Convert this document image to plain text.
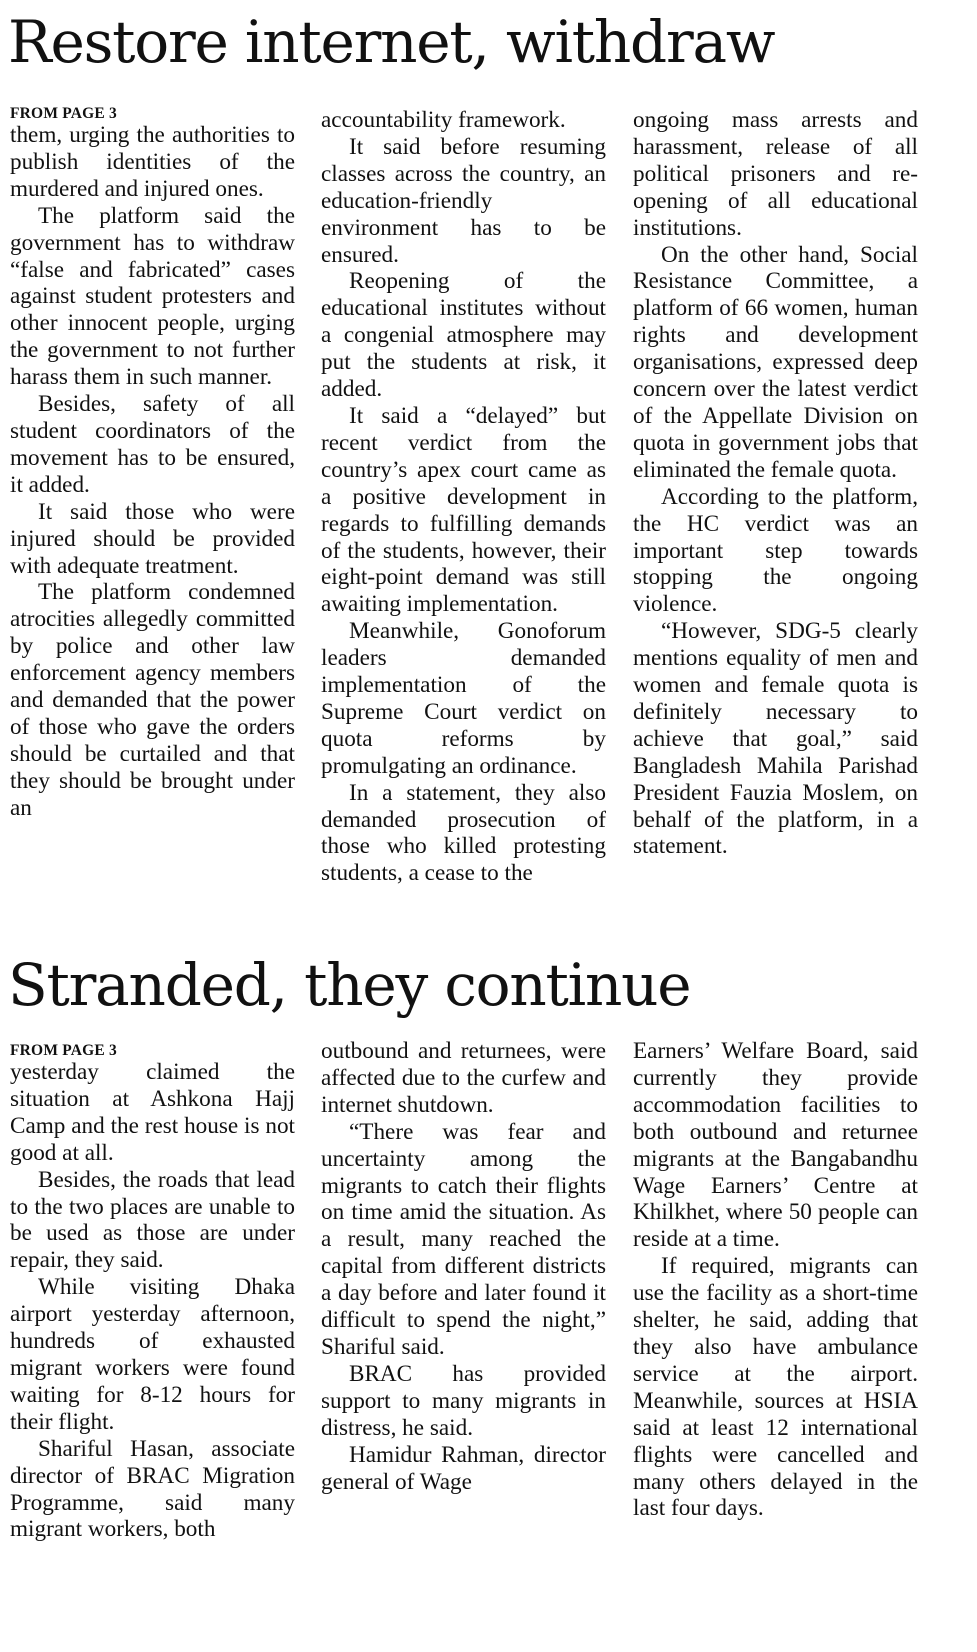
Restore internet, withdraw
FROM PAGE 3

them, urging the authorities to publish identities of the murdered and injured ones.

The platform said the government has to withdraw “false and fabricated” cases against student protesters and other innocent people, urging the government to not further harass them in such manner.

Besides, safety of all student coordinators of the movement has to be ensured, it added.

It said those who were injured should be provided with adequate treatment.

The platform condemned atrocities allegedly committed by police and other law enforcement agency members and demanded that the power of those who gave the orders should be curtailed and that they should be brought under an

accountability framework.

It said before resuming classes across the country, an education-friendly environment has to be ensured.

Reopening of the educational institutes without a congenial atmosphere may put the students at risk, it added.

It said a “delayed” but recent verdict from the country’s apex court came as a positive development in regards to fulfilling demands of the students, however, their eight-point demand was still awaiting implementation.

Meanwhile, Gonoforum leaders demanded implementation of the Supreme Court verdict on quota reforms by promulgating an ordinance.

In a statement, they also demanded prosecution of those who killed protesting students, a cease to the

ongoing mass arrests and harassment, release of all political prisoners and re-opening of all educational institutions.

On the other hand, Social Resistance Committee, a platform of 66 women, human rights and development organisations, expressed deep concern over the latest verdict of the Appellate Division on quota in government jobs that eliminated the female quota.

According to the platform, the HC verdict was an important step towards stopping the ongoing violence.

“However, SDG-5 clearly mentions equality of men and women and female quota is definitely necessary to achieve that goal,” said Bangladesh Mahila Parishad President Fauzia Moslem, on behalf of the platform, in a statement.

Stranded, they continue
FROM PAGE 3

yesterday claimed the situation at Ashkona Hajj Camp and the rest house is not good at all.

Besides, the roads that lead to the two places are unable to be used as those are under repair, they said.

While visiting Dhaka airport yesterday afternoon, hundreds of exhausted migrant workers were found waiting for 8-12 hours for their flight.

Shariful Hasan, associate director of BRAC Migration Programme, said many migrant workers, both

outbound and returnees, were affected due to the curfew and internet shutdown.

“There was fear and uncertainty among the migrants to catch their flights on time amid the situation. As a result, many reached the capital from different districts a day before and later found it difficult to spend the night,” Shariful said.

BRAC has provided support to many migrants in distress, he said.

Hamidur Rahman, director general of Wage

Earners’ Welfare Board, said currently they provide accommodation facilities to both outbound and returnee migrants at the Bangabandhu Wage Earners’ Centre at Khilkhet, where 50 people can reside at a time.

If required, migrants can use the facility as a short-time shelter, he said, adding that they also have ambulance service at the airport. Meanwhile, sources at HSIA said at least 12 international flights were cancelled and many others delayed in the last four days.
